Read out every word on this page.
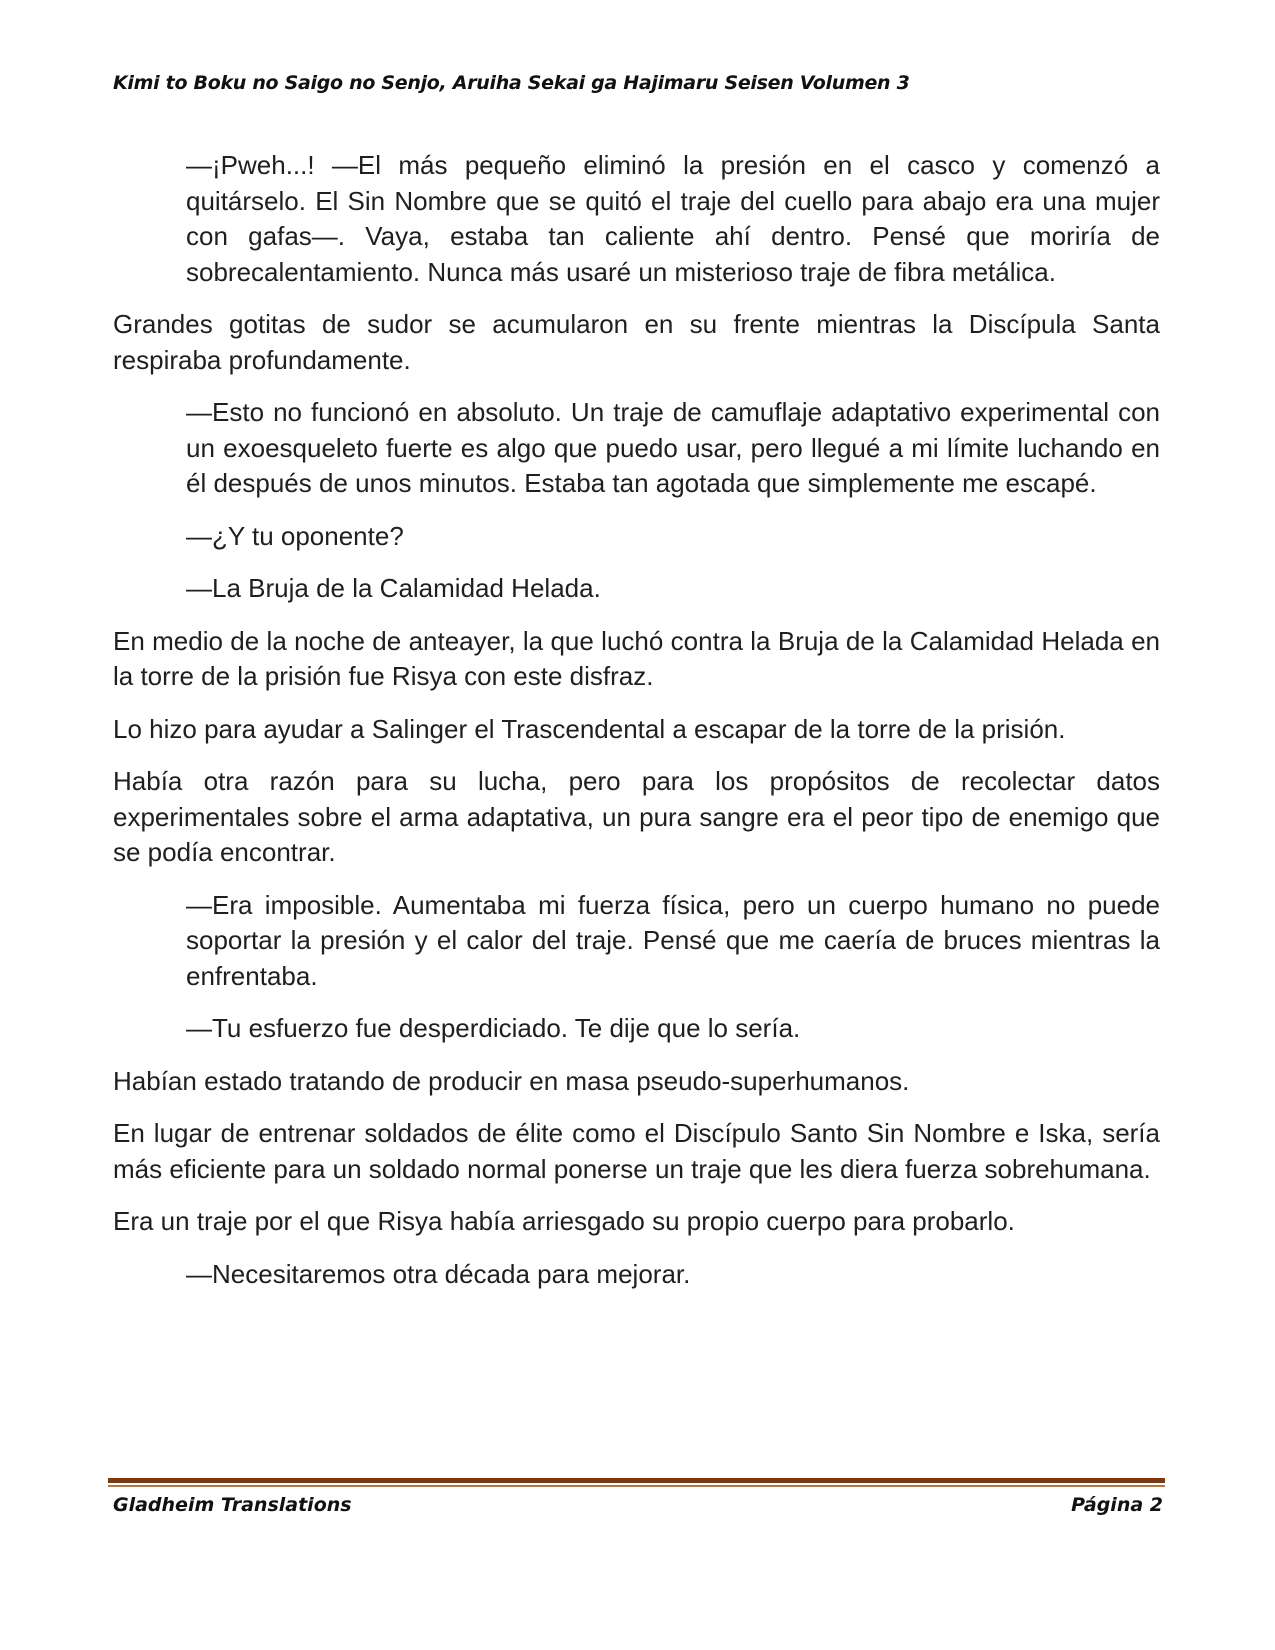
Kimi to Boku no Saigo no Senjo, Aruiha Sekai ga Hajimaru Seisen Volumen 3

—¡Pweh...! —El más pequeño eliminó la presión en el casco y comenzó a quitárselo. El Sin Nombre que se quitó el traje del cuello para abajo era una mujer con gafas—. Vaya, estaba tan caliente ahí dentro. Pensé que moriría de sobrecalentamiento. Nunca más usaré un misterioso traje de fibra metálica.

Grandes gotitas de sudor se acumularon en su frente mientras la Discípula Santa respiraba profundamente.

—Esto no funcionó en absoluto. Un traje de camuflaje adaptativo experimental con un exoesqueleto fuerte es algo que puedo usar, pero llegué a mi límite luchando en él después de unos minutos. Estaba tan agotada que simplemente me escapé.

—¿Y tu oponente?

—La Bruja de la Calamidad Helada.

En medio de la noche de anteayer, la que luchó contra la Bruja de la Calamidad Helada en la torre de la prisión fue Risya con este disfraz.

Lo hizo para ayudar a Salinger el Trascendental a escapar de la torre de la prisión.

Había otra razón para su lucha, pero para los propósitos de recolectar datos experimentales sobre el arma adaptativa, un pura sangre era el peor tipo de enemigo que se podía encontrar.

—Era imposible. Aumentaba mi fuerza física, pero un cuerpo humano no puede soportar la presión y el calor del traje. Pensé que me caería de bruces mientras la enfrentaba.

—Tu esfuerzo fue desperdiciado. Te dije que lo sería.

Habían estado tratando de producir en masa pseudo-superhumanos.

En lugar de entrenar soldados de élite como el Discípulo Santo Sin Nombre e Iska, sería más eficiente para un soldado normal ponerse un traje que les diera fuerza sobrehumana.

Era un traje por el que Risya había arriesgado su propio cuerpo para probarlo.

—Necesitaremos otra década para mejorar.

Gladheim Translations	Página 2
